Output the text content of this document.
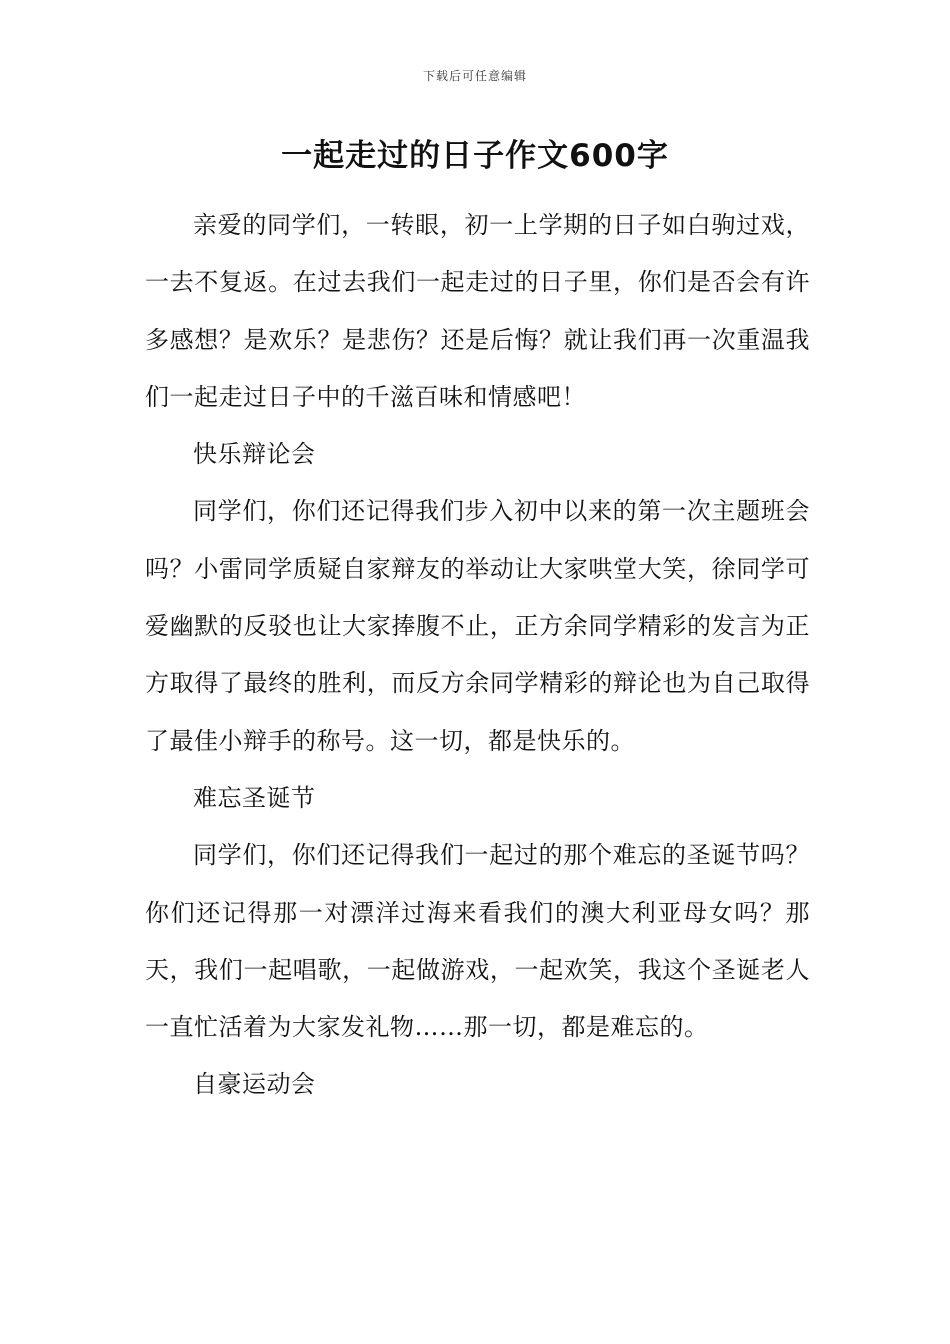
下载后可任意编辑
一起走过的日子作文600字

亲爱的同学们，一转眼，初一上学期的日子如白驹过戏，一去不复返。在过去我们一起走过的日子里，你们是否会有许多感想？是欢乐？是悲伤？还是后悔？就让我们再一次重温我们一起走过日子中的千滋百味和情感吧！

快乐辩论会

同学们，你们还记得我们步入初中以来的第一次主题班会吗？小雷同学质疑自家辩友的举动让大家哄堂大笑，徐同学可爱幽默的反驳也让大家捧腹不止，正方余同学精彩的发言为正方取得了最终的胜利，而反方余同学精彩的辩论也为自己取得了最佳小辩手的称号。这一切，都是快乐的。

难忘圣诞节

同学们，你们还记得我们一起过的那个难忘的圣诞节吗？你们还记得那一对漂洋过海来看我们的澳大利亚母女吗？那天，我们一起唱歌，一起做游戏，一起欢笑，我这个圣诞老人一直忙活着为大家发礼物……那一切，都是难忘的。

自豪运动会
